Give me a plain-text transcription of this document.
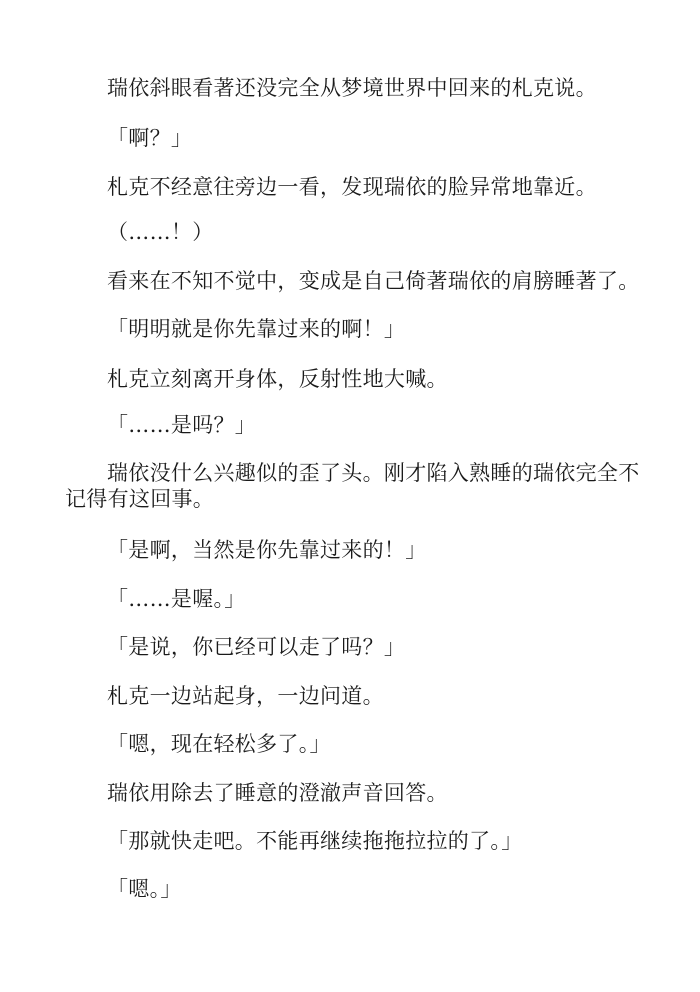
瑞依斜眼看著还没完全从梦境世界中回来的札克说。

「啊？」

札克不经意往旁边一看，发现瑞依的脸异常地靠近。

（……！）

看来在不知不觉中，变成是自己倚著瑞依的肩膀睡著了。

「明明就是你先靠过来的啊！」

札克立刻离开身体，反射性地大喊。

「……是吗？」

瑞依没什么兴趣似的歪了头。刚才陷入熟睡的瑞依完全不记得有这回事。

「是啊，当然是你先靠过来的！」

「……是喔。」

「是说，你已经可以走了吗？」

札克一边站起身，一边问道。

「嗯，现在轻松多了。」

瑞依用除去了睡意的澄澈声音回答。

「那就快走吧。不能再继续拖拖拉拉的了。」

「嗯。」
